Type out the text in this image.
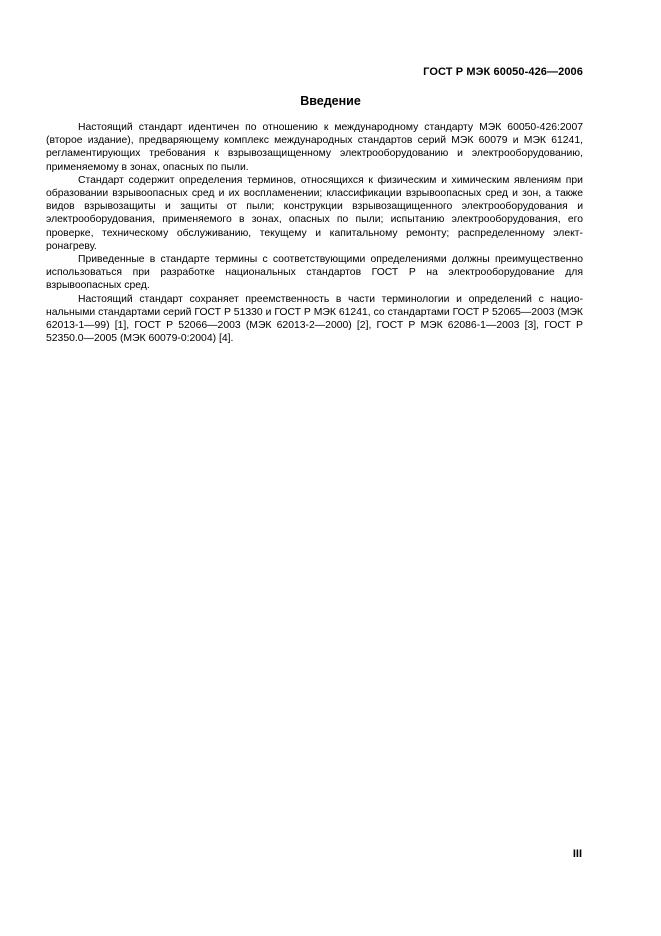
ГОСТ Р МЭК 60050-426—2006
Введение

Настоящий стандарт идентичен по отношению к международному стандарту МЭК 60050-426:2007 (второе издание), предваряющему комплекс международных стандартов серий МЭК 60079 и МЭК 61241, регламентирующих требования к взрывозащищенному электрооборудованию и электрооборудованию, применяемому в зонах, опасных по пыли.

Стандарт содержит определения терминов, относящихся к физическим и химическим явлениям при образовании взрывоопасных сред и их воспламенении; классификации взрывоопасных сред и зон, а также видов взрывозащиты и защиты от пыли; конструкции взрывозащищенного электрооборудования и электрооборудования, применяемого в зонах, опасных по пыли; испытанию электрооборудования, его проверке, техническому обслуживанию, текущему и капитальному ремонту; распределенному электронагреву.

Приведенные в стандарте термины с соответствующими определениями должны преимущественно использоваться при разработке национальных стандартов ГОСТ Р на электрооборудование для взрывоопасных сред.

Настоящий стандарт сохраняет преемственность в части терминологии и определений с национальными стандартами серий ГОСТ Р 51330 и ГОСТ Р МЭК 61241, со стандартами ГОСТ Р 52065—2003 (МЭК 62013-1—99) [1], ГОСТ Р 52066—2003 (МЭК 62013-2—2000) [2], ГОСТ Р МЭК 62086-1—2003 [3], ГОСТ Р 52350.0—2005 (МЭК 60079-0:2004) [4].

III
